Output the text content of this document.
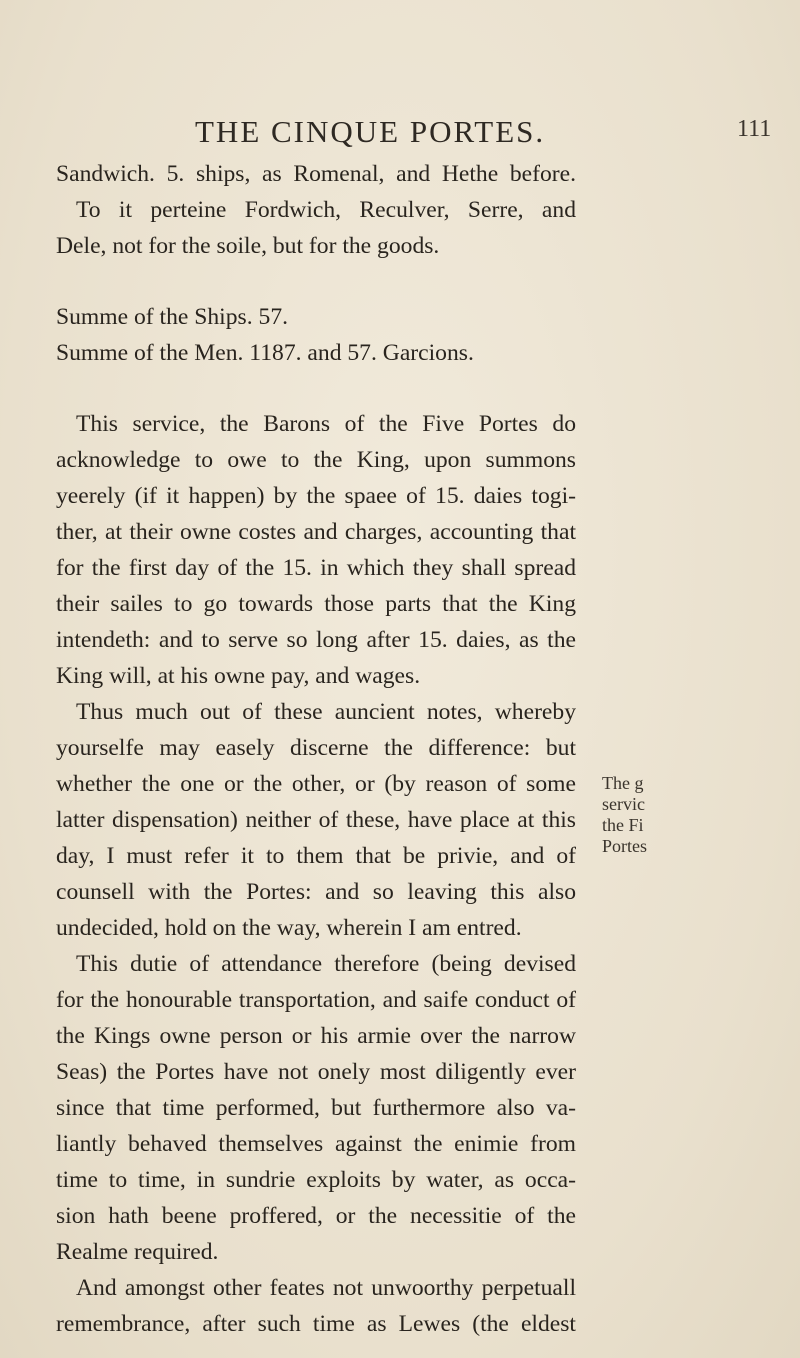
THE CINQUE PORTES.	111
Sandwich. 5. ships, as Romenal, and Hethe before.
To it perteine Fordwich, Reculver, Serre, and
Dele, not for the soile, but for the goods.
Summe of the Ships. 57.
Summe of the Men. 1187. and 57. Garcions.
This service, the Barons of the Five Portes do
acknowledge to owe to the King, upon summons
yeerely (if it happen) by the spaee of 15. daies togi-
ther, at their owne costes and charges, accounting that
for the first day of the 15. in which they shall spread
their sailes to go towards those parts that the King
intendeth: and to serve so long after 15. daies, as the
King will, at his owne pay, and wages.
Thus much out of these auncient notes, whereby
yourselfe may easely discerne the difference: but
whether the one or the other, or (by reason of some
latter dispensation) neither of these, have place at this
day, I must refer it to them that be privie, and of
counsell with the Portes: and so leaving this also
undecided, hold on the way, wherein I am entred.
This dutie of attendance therefore (being devised
for the honourable transportation, and saife conduct of
the Kings owne person or his armie over the narrow
Seas) the Portes have not onely most diligently ever
since that time performed, but furthermore also va-
liantly behaved themselves against the enimie from
time to time, in sundrie exploits by water, as occa-
sion hath beene proffered, or the necessitie of the
Realme required.
And amongst other feates not unwoorthy perpetuall
remembrance, after such time as Lewes (the eldest
The g
servic
the Fi
Portes
